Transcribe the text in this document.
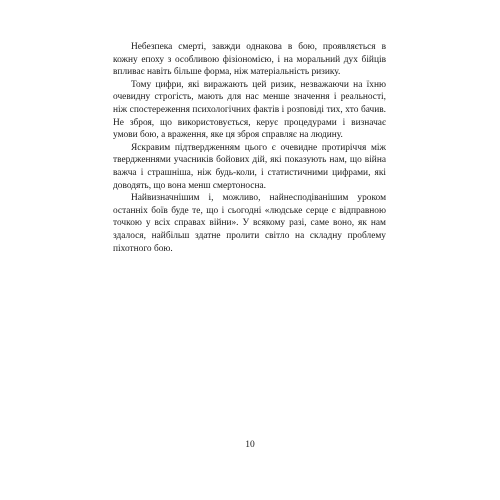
Небезпека смерті, завжди однакова в бою, проявляється в кожну епоху з особливою фізіономією, і на моральний дух бійців впливає навіть більше форма, ніж матеріальність ризику.

Тому цифри, які виражають цей ризик, незважаючи на їхню очевидну строгість, мають для нас менше значення і реальності, ніж спостереження психологічних фактів і розповіді тих, хто бачив. Не зброя, що використовується, керує процедурами і визначає умови бою, а враження, яке ця зброя справляє на людину.

Яскравим підтвердженням цього є очевидне протиріччя між твердженнями учасників бойових дій, які показують нам, що війна важча і страшніша, ніж будь-коли, і статистичними цифрами, які доводять, що вона менш смертоносна.

Найвизначнішим і, можливо, найнесподіванішим уроком останніх боїв буде те, що і сьогодні «людське серце є відправною точкою у всіх справах війни». У всякому разі, саме воно, як нам здалося, найбільш здатне пролити світло на складну проблему піхотного бою.

10
